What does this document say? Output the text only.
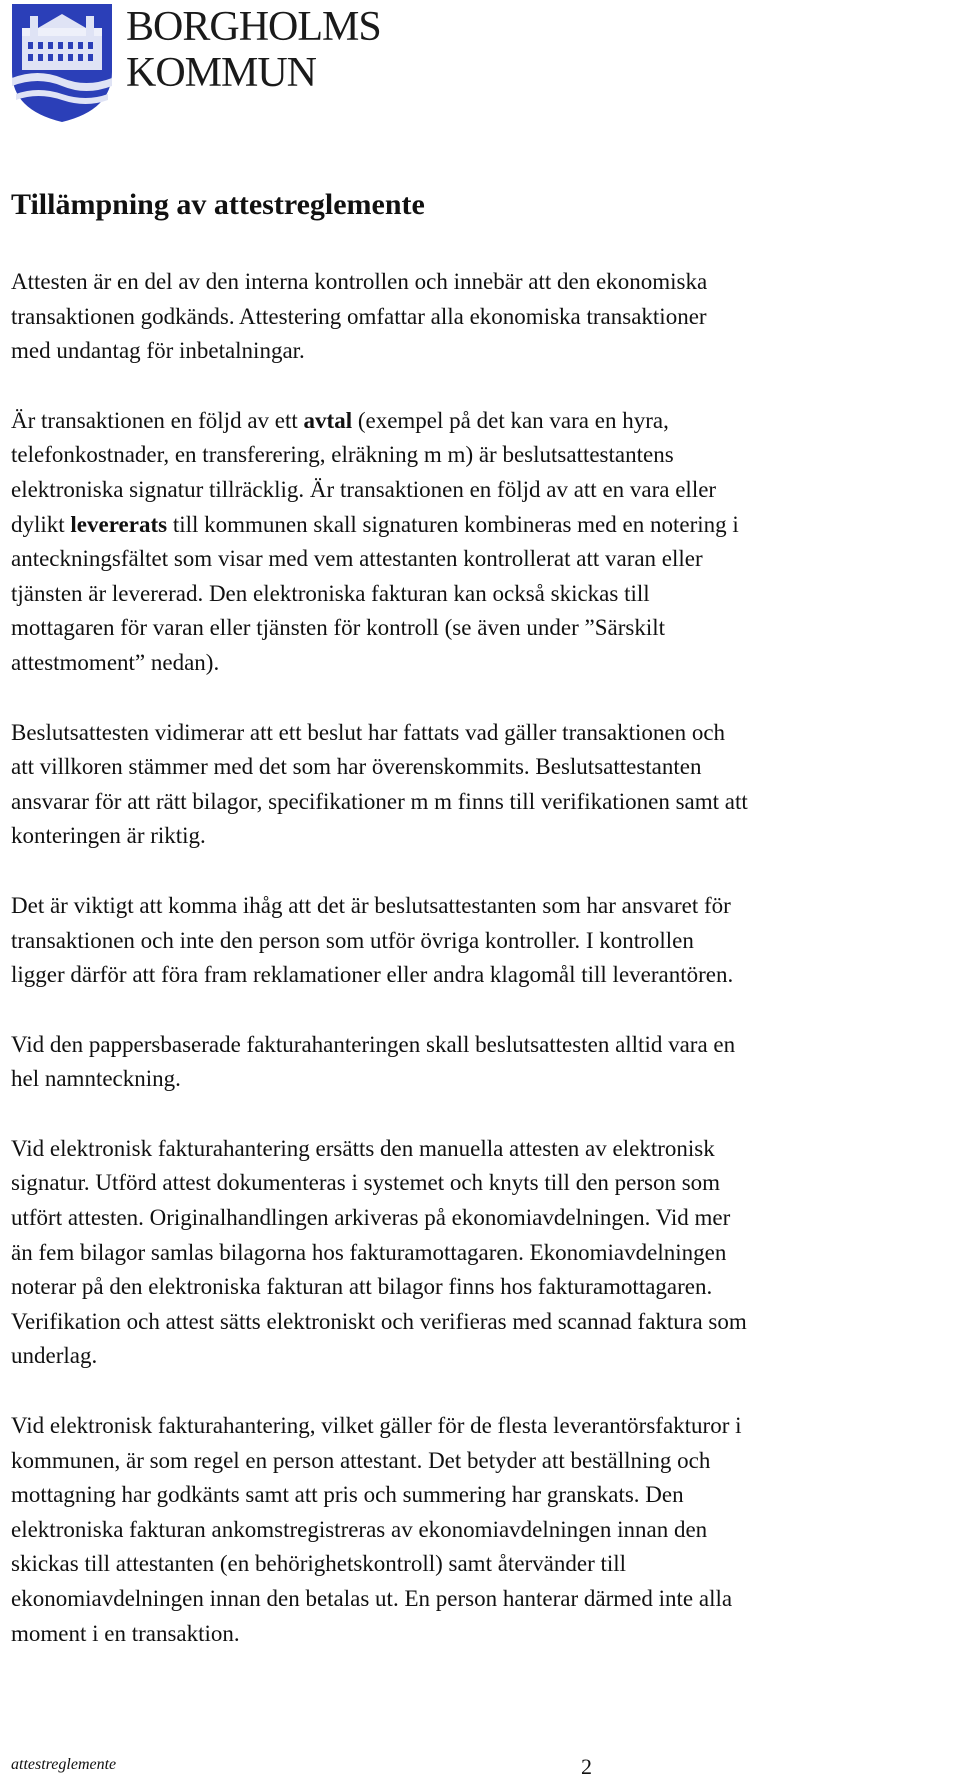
BORGHOLMS
KOMMUN
Tillämpning av attestreglemente

Attesten är en del av den interna kontrollen och innebär att den ekonomiska
transaktionen godkänds. Attestering omfattar alla ekonomiska transaktioner
med undantag för inbetalningar.

Är transaktionen en följd av ett avtal (exempel på det kan vara en hyra,
telefonkostnader, en transferering, elräkning m m) är beslutsattestantens
elektroniska signatur tillräcklig. Är transaktionen en följd av att en vara eller
dylikt levererats till kommunen skall signaturen kombineras med en notering i
anteckningsfältet som visar med vem attestanten kontrollerat att varan eller
tjänsten är levererad. Den elektroniska fakturan kan också skickas till
mottagaren för varan eller tjänsten för kontroll (se även under ”Särskilt
attestmoment” nedan).

Beslutsattesten vidimerar att ett beslut har fattats vad gäller transaktionen och
att villkoren stämmer med det som har överenskommits. Beslutsattestanten
ansvarar för att rätt bilagor, specifikationer m m finns till verifikationen samt att
konteringen är riktig.

Det är viktigt att komma ihåg att det är beslutsattestanten som har ansvaret för
transaktionen och inte den person som utför övriga kontroller. I kontrollen
ligger därför att föra fram reklamationer eller andra klagomål till leverantören.

Vid den pappersbaserade fakturahanteringen skall beslutsattesten alltid vara en
hel namnteckning.

Vid elektronisk fakturahantering ersätts den manuella attesten av elektronisk
signatur. Utförd attest dokumenteras i systemet och knyts till den person som
utfört attesten. Originalhandlingen arkiveras på ekonomiavdelningen. Vid mer
än fem bilagor samlas bilagorna hos fakturamottagaren. Ekonomiavdelningen
noterar på den elektroniska fakturan att bilagor finns hos fakturamottagaren.
Verifikation och attest sätts elektroniskt och verifieras med scannad faktura som
underlag.

Vid elektronisk fakturahantering, vilket gäller för de flesta leverantörsfakturor i
kommunen, är som regel en person attestant. Det betyder att beställning och
mottagning har godkänts samt att pris och summering har granskats. Den
elektroniska fakturan ankomstregistreras av ekonomiavdelningen innan den
skickas till attestanten (en behörighetskontroll) samt återvänder till
ekonomiavdelningen innan den betalas ut. En person hanterar därmed inte alla
moment i en transaktion.

attestreglemente	2
